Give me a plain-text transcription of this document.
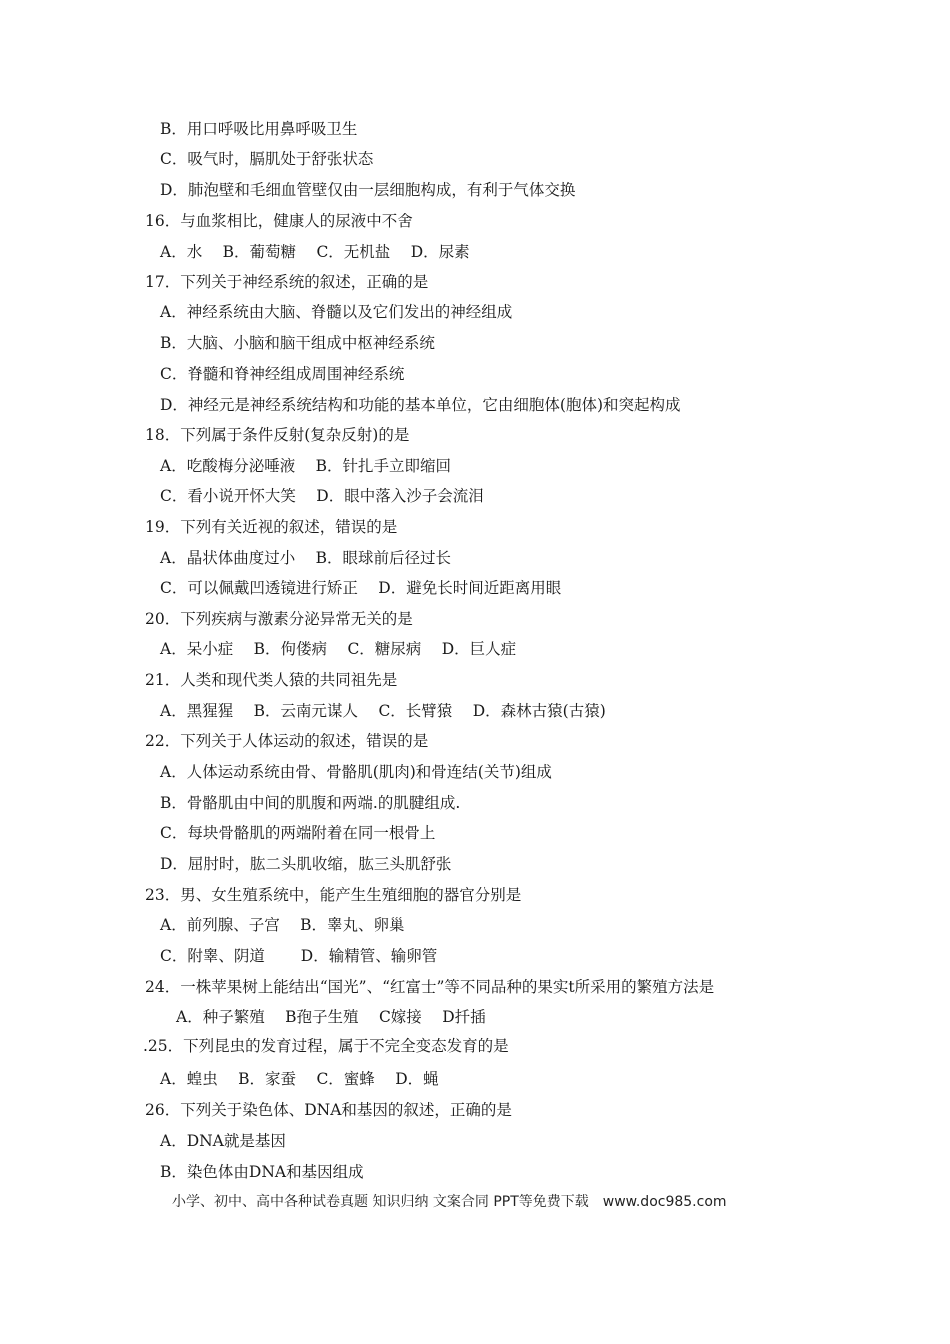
B．用口呼吸比用鼻呼吸卫生
C．吸气时，膈肌处于舒张状态
D．肺泡壁和毛细血管壁仅由一层细胞构成，有利于气体交换
16．与血浆相比，健康人的尿液中不舍
A．水　 B．葡萄糖　 C．无机盐　 D．尿素
17．下列关于神经系统的叙述，正确的是
A．神经系统由大脑、脊髓以及它们发出的神经组成
B．大脑、小脑和脑干组成中枢神经系统
C．脊髓和脊神经组成周围神经系统
D．神经元是神经系统结构和功能的基本单位，它由细胞体(胞体)和突起构成
18．下列属于条件反射(复杂反射)的是
A．吃酸梅分泌唾液　 B．针扎手立即缩回
C．看小说开怀大笑　 D．眼中落入沙子会流泪
19．下列有关近视的叙述，错误的是
A．晶状体曲度过小　 B．眼球前后径过长
C．可以佩戴凹透镜进行矫正　 D．避免长时间近距离用眼
20．下列疾病与激素分泌异常无关的是
A．呆小症　 B．佝偻病　 C．糖尿病　 D．巨人症
21．人类和现代类人猿的共同祖先是
A．黑猩猩　 B．云南元谋人　 C．长臂猿　 D．森林古猿(古猿)
22．下列关于人体运动的叙述，错误的是
A．人体运动系统由骨、骨骼肌(肌肉)和骨连结(关节)组成
B．骨骼肌由中间的肌腹和两端.的肌腱组成.
C．每块骨骼肌的两端附着在同一根骨上
D．屈肘时，肱二头肌收缩，肱三头肌舒张
23．男、女生殖系统中，能产生生殖细胞的器官分别是
A．前列腺、子宫　 B．睾丸、卵巢
C．附睾、阴道　　 D．输精管、输卵管
24．一株苹果树上能结出“国光”、“红富士”等不同品种的果实t所采用的繁殖方法是
A．种子繁殖　 B孢子生殖　 C嫁接　 D扦插
.25．下列昆虫的发育过程，属于不完全变态发育的是
A．蝗虫　 B．家蚕　 C．蜜蜂　 D．蝇
26．下列关于染色体、DNA和基因的叙述，正确的是
A．DNA就是基因
B．染色体由DNA和基因组成
小学、初中、高中各种试卷真题 知识归纳 文案合同 PPT等免费下载　www.doc985.com
